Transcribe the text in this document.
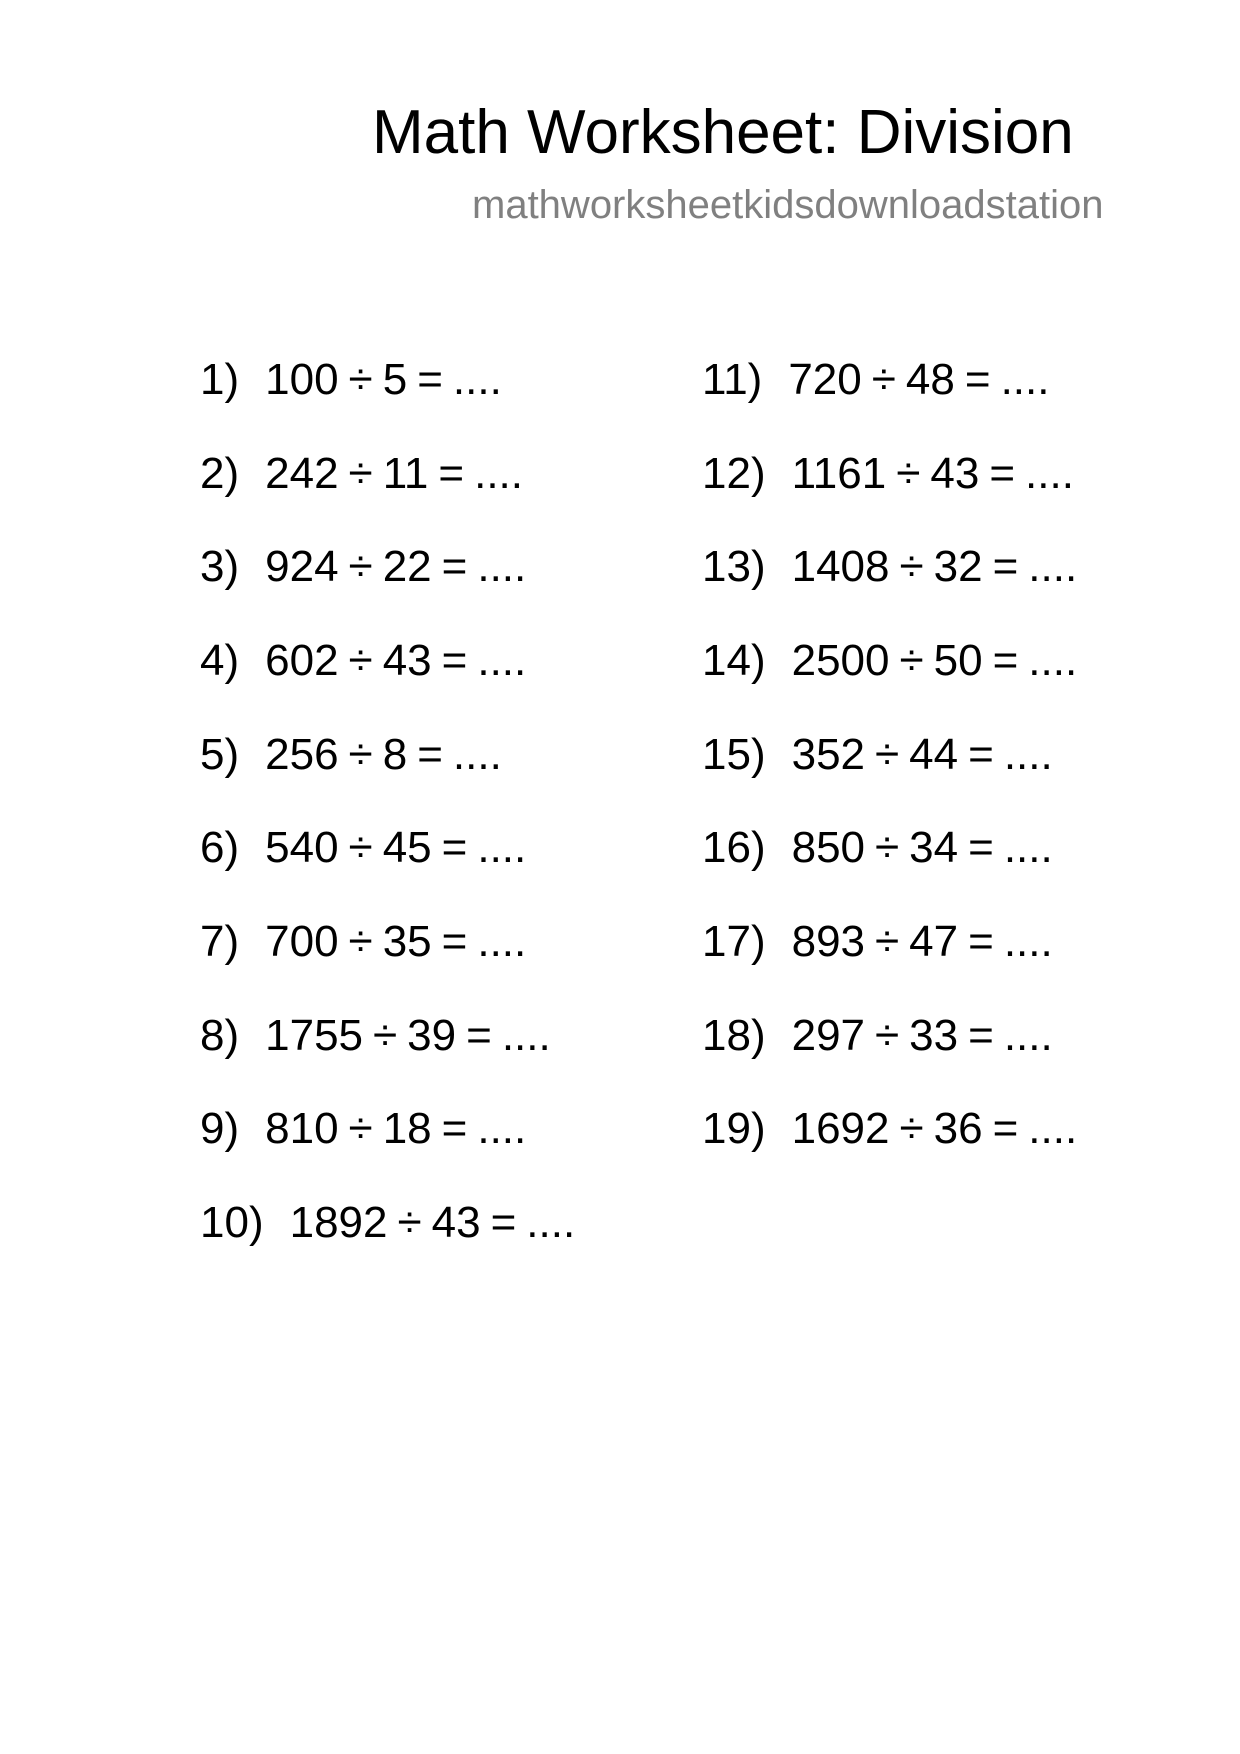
Math Worksheet: Division
mathworksheetkidsdownloadstation
1) 100 ÷ 5 = ....
2) 242 ÷ 11 = ....
3) 924 ÷ 22 = ....
4) 602 ÷ 43 = ....
5) 256 ÷ 8 = ....
6) 540 ÷ 45 = ....
7) 700 ÷ 35 = ....
8) 1755 ÷ 39 = ....
9) 810 ÷ 18 = ....
10) 1892 ÷ 43 = ....
11) 720 ÷ 48 = ....
12) 1161 ÷ 43 = ....
13) 1408 ÷ 32 = ....
14) 2500 ÷ 50 = ....
15) 352 ÷ 44 = ....
16) 850 ÷ 34 = ....
17) 893 ÷ 47 = ....
18) 297 ÷ 33 = ....
19) 1692 ÷ 36 = ....
